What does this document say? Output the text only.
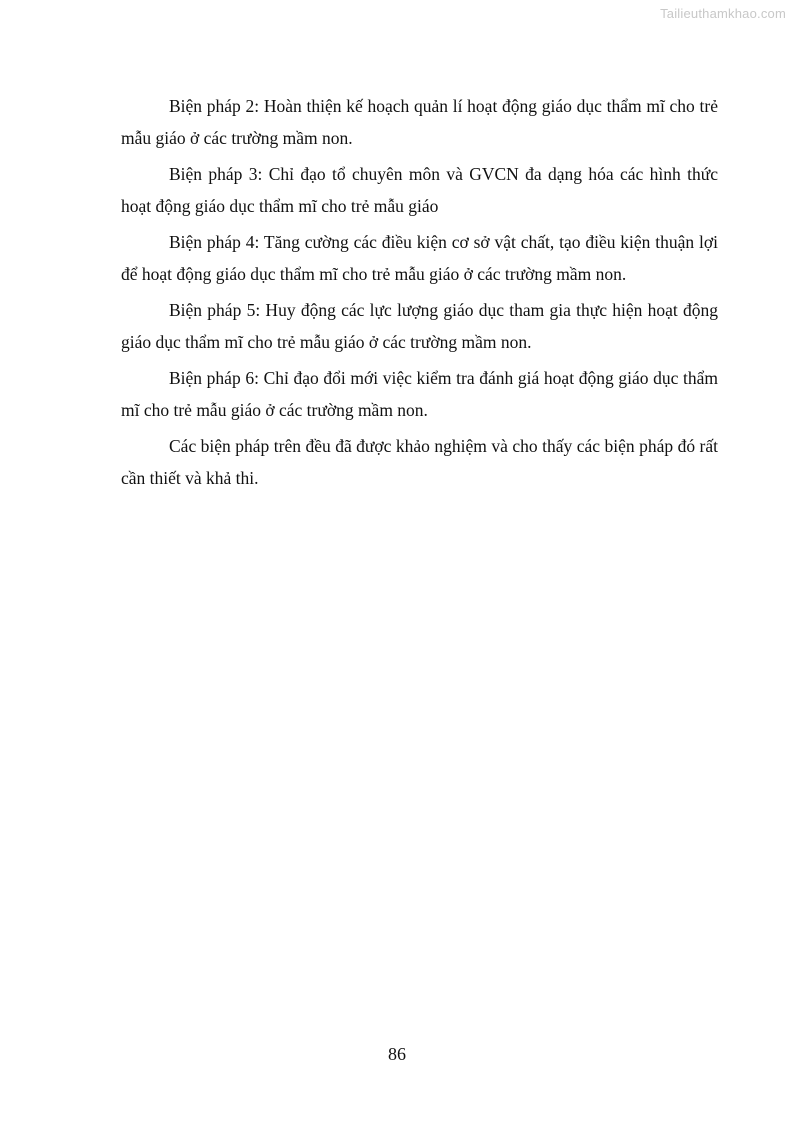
Tailieuthamkhao.com

Biện pháp 2: Hoàn thiện kế hoạch quản lí hoạt động giáo dục thẩm mĩ cho trẻ mẫu giáo ở các trường mầm non.

Biện pháp 3: Chỉ đạo tổ chuyên môn và GVCN đa dạng hóa các hình thức hoạt động giáo dục thẩm mĩ cho trẻ mẫu giáo

Biện pháp 4: Tăng cường các điều kiện cơ sở vật chất, tạo điều kiện thuận lợi để hoạt động giáo dục thẩm mĩ cho trẻ mẫu giáo ở các trường mầm non.

Biện pháp 5: Huy động các lực lượng giáo dục tham gia thực hiện hoạt động giáo dục thẩm mĩ cho trẻ mẫu giáo ở các trường mầm non.

Biện pháp 6: Chỉ đạo đổi mới việc kiểm tra đánh giá hoạt động giáo dục thẩm mĩ cho trẻ mẫu giáo ở các trường mầm non.

Các biện pháp trên đều đã được khảo nghiệm và cho thấy các biện pháp đó rất cần thiết và khả thi.

86
